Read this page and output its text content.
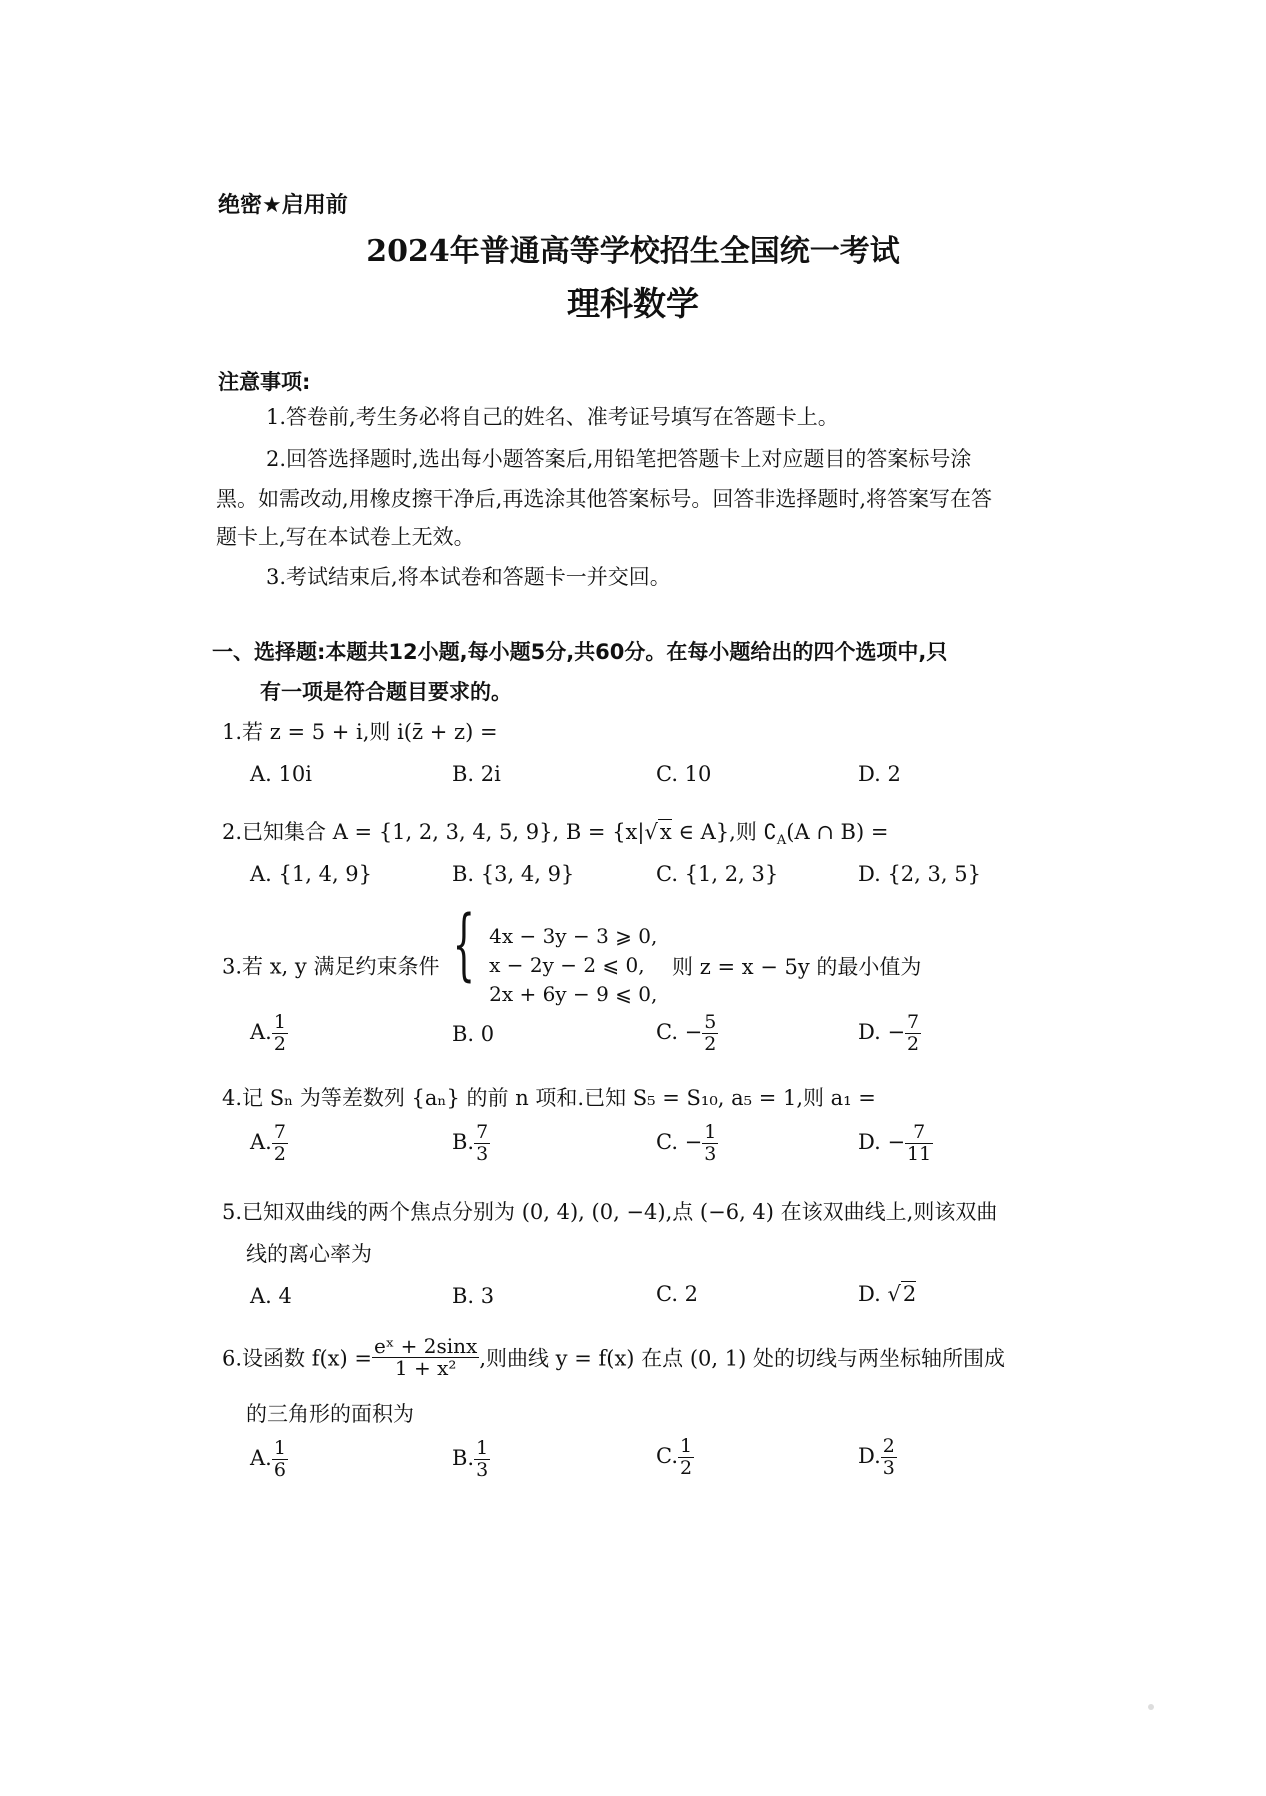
绝密★启用前
2024年普通高等学校招生全国统一考试
理科数学
注意事项:
1.答卷前,考生务必将自己的姓名、准考证号填写在答题卡上。
2.回答选择题时,选出每小题答案后,用铅笔把答题卡上对应题目的答案标号涂
黑。如需改动,用橡皮擦干净后,再选涂其他答案标号。回答非选择题时,将答案写在答
题卡上,写在本试卷上无效。
3.考试结束后,将本试卷和答题卡一并交回。
一、选择题:本题共12小题,每小题5分,共60分。在每小题给出的四个选项中,只
有一项是符合题目要求的。
1.若 z = 5 + i,则 i(z̄ + z) =
A. 10i	B. 2i	C. 10	D. 2
2.已知集合 A = {1, 2, 3, 4, 5, 9}, B = {x|√x ∈ A},则 $∁_A(A$ ∩ B) =
A. {1, 4, 9}	B. {3, 4, 9}	C. {1, 2, 3}	D. {2, 3, 5}
3.若 x, y 满足约束条件 { 4x − 3y − 3 ⩾ 0,
x − 2y − 2 ⩽ 0,
2x + 6y − 9 ⩽ 0,
则 z = x − 5y 的最小值为
A. $\frac{1}{2}$	B. 0	C. − $\frac{5}{2}$	D. − $\frac{7}{2}$
4.记 Sₙ 为等差数列 {aₙ} 的前 n 项和.已知 S₅ = S₁₀, a₅ = 1,则 a₁ =
A. $\frac{7}{2}$	B. $\frac{7}{3}$	C. − $\frac{1}{3}$	D. − $\frac{7}{11}$
5.已知双曲线的两个焦点分别为 (0, 4), (0, −4),点 (−6, 4) 在该双曲线上,则该双曲
线的离心率为
A. 4	B. 3	C. 2	D. √2
6.设函数 $f(x) = \frac{\text{eˣ + 2sinx}}{\text{1 + x²}}$ ,则曲线 y = f(x) 在点 (0, 1) 处的切线与两坐标轴所围成
的三角形的面积为
A. $\frac{1}{6}$	B. $\frac{1}{3}$	C. $\frac{1}{2}$	D. $\frac{2}{3}$
